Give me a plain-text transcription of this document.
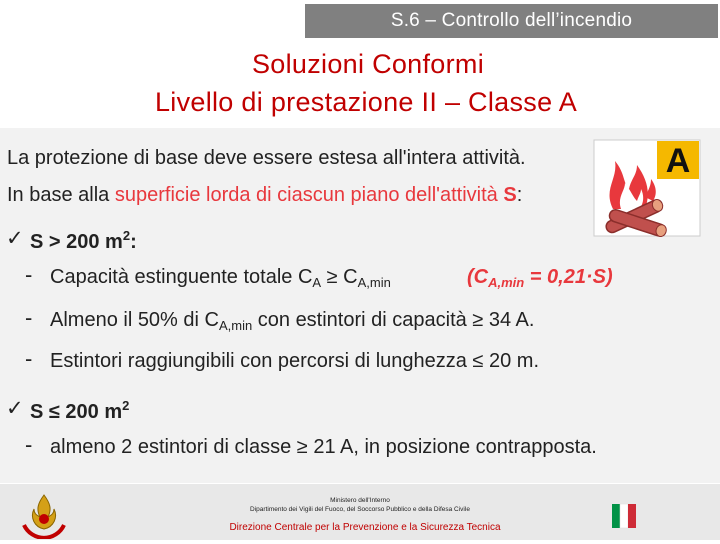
S.6 – Controllo dell’incendio
Soluzioni Conformi
Livello di prestazione II – Classe A
La protezione di base deve essere estesa all'intera attività.
In base alla superficie lorda di ciascun piano dell'attività S:
✓ S > 200 $m^2$:
- Capacità estinguente totale $C_A \ge C_{A,min}$	$(C_{A,min} = 0,21\cdot S)$
- Almeno il 50% di $C_{A,min}$ con estintori di capacità ≥ 34 A.
- Estintori raggiungibili con percorsi di lunghezza ≤ 20 m.
✓ S ≤ 200 $m^2$
- almeno 2 estintori di classe ≥ 21 A, in posizione contrapposta.
A
Ministero dell'Interno
Dipartimento dei Vigili del Fuoco, del Soccorso Pubblico e della Difesa Civile
Direzione Centrale per la Prevenzione e la Sicurezza Tecnica
